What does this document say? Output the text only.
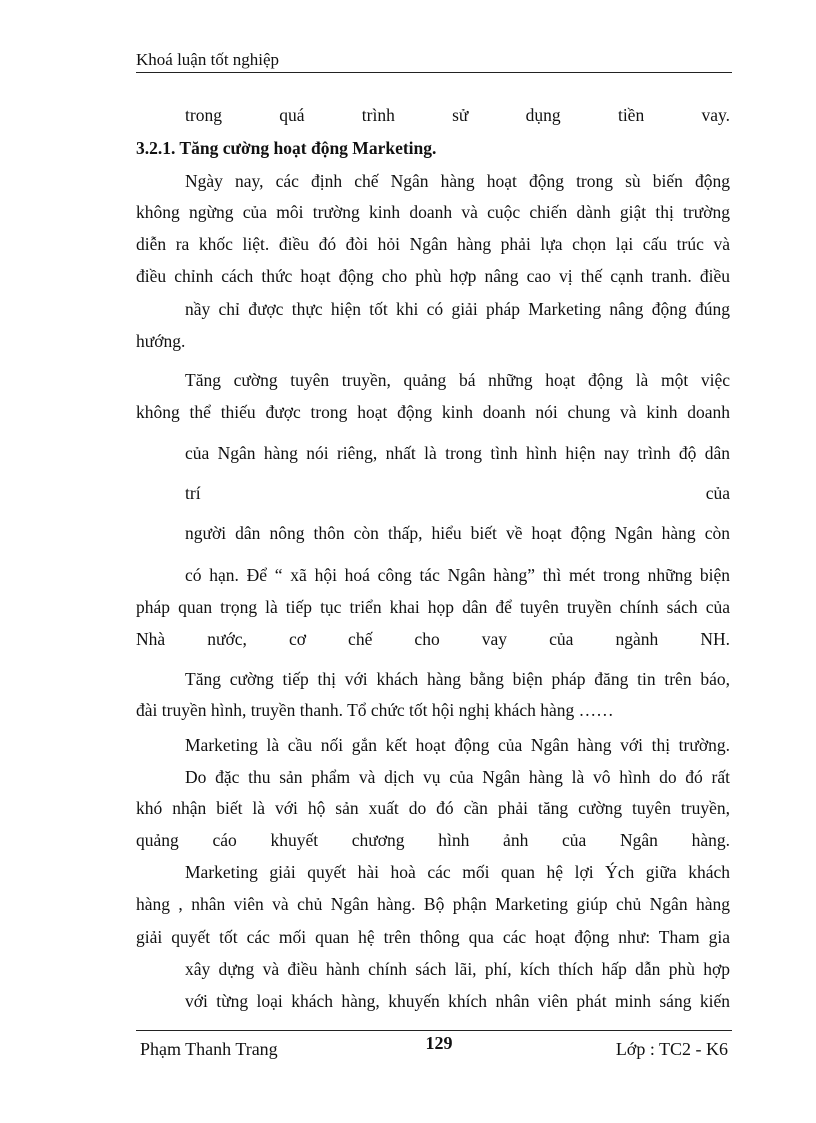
Khoá luận tốt nghiệp
trong quá trình sử dụng tiền vay.
3.2.1. Tăng cường hoạt động Marketing.
Ngày nay, các định chế Ngân hàng hoạt động trong sù biến động
không ngừng của môi trường kinh doanh và cuộc chiến dành giật thị trường
diễn ra khốc liệt. điều đó đòi hỏi Ngân hàng phải lựa chọn lại cấu trúc và
điều chỉnh cách thức hoạt động cho phù hợp nâng cao vị thế cạnh tranh. điều
nầy chỉ được thực hiện tốt khi có giải pháp Marketing nâng động đúng
hướng.
Tăng cường tuyên truyền, quảng bá những hoạt động là một việc
không thể thiếu được trong hoạt động kinh doanh nói chung và kinh doanh
của Ngân hàng nói riêng, nhất là trong tình hình hiện nay trình độ dân
trí của
người dân nông thôn còn thấp, hiểu biết về hoạt động Ngân hàng còn
có hạn. Để “ xã hội hoá công tác Ngân hàng” thì mét trong những biện
pháp quan trọng là tiếp tục triển khai họp dân để tuyên truyền chính sách của
Nhà nước, cơ chế cho vay của ngành NH.
Tăng cường tiếp thị với khách hàng bằng biện pháp đăng tin trên báo,
đài truyền hình, truyền thanh. Tổ chức tốt hội nghị khách hàng ……
Marketing là cầu nối gắn kết hoạt động của Ngân hàng với thị trường.
Do đặc thu sản phẩm và dịch vụ của Ngân hàng là vô hình do đó rất
khó nhận biết là với hộ sản xuất do đó cần phải tăng cường tuyên truyền,
quảng cáo khuyết chương hình ảnh của Ngân hàng.
Marketing giải quyết hài hoà các mối quan hệ lợi Ých giữa khách
hàng , nhân viên và chủ Ngân hàng. Bộ phận Marketing giúp chủ Ngân hàng
giải quyết tốt các mối quan hệ trên thông qua các hoạt động như: Tham gia
xây dựng và điều hành chính sách lãi, phí, kích thích hấp dẫn phù hợp
với từng loại khách hàng, khuyến khích nhân viên phát minh sáng kiến
Phạm Thanh Trang	129	Lớp : TC2 - K6
